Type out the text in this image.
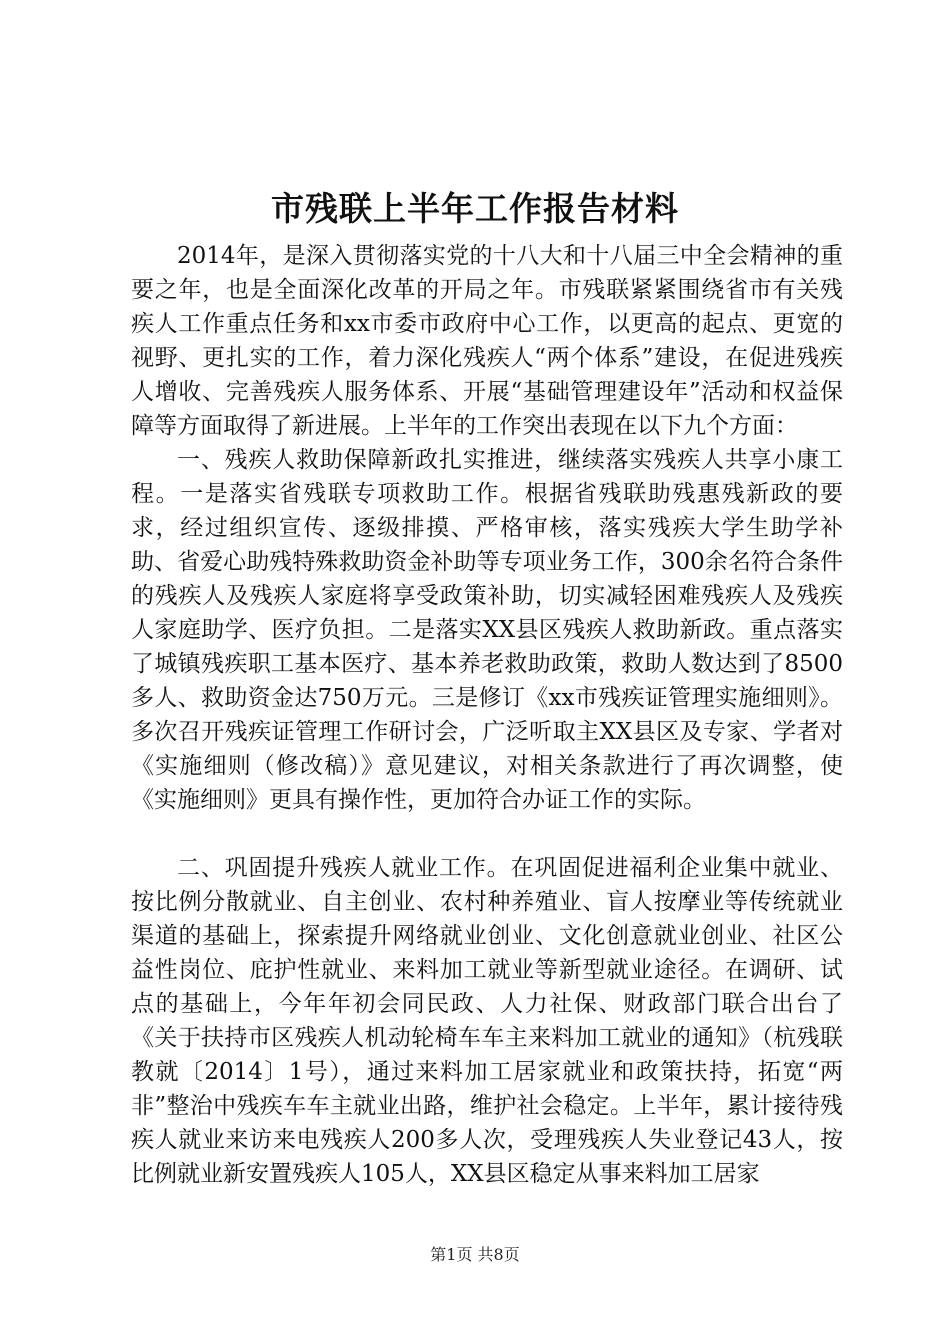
市残联上半年工作报告材料

2014年，是深入贯彻落实党的十八大和十八届三中全会精神的重要之年，也是全面深化改革的开局之年。市残联紧紧围绕省市有关残疾人工作重点任务和xx市委市政府中心工作，以更高的起点、更宽的视野、更扎实的工作，着力深化残疾人“两个体系”建设，在促进残疾人增收、完善残疾人服务体系、开展“基础管理建设年”活动和权益保障等方面取得了新进展。上半年的工作突出表现在以下九个方面：

一、残疾人救助保障新政扎实推进，继续落实残疾人共享小康工程。一是落实省残联专项救助工作。根据省残联助残惠残新政的要求，经过组织宣传、逐级排摸、严格审核，落实残疾大学生助学补助、省爱心助残特殊救助资金补助等专项业务工作，300余名符合条件的残疾人及残疾人家庭将享受政策补助，切实减轻困难残疾人及残疾人家庭助学、医疗负担。二是落实XX县区残疾人救助新政。重点落实了城镇残疾职工基本医疗、基本养老救助政策，救助人数达到了8500多人、救助资金达750万元。三是修订《xx市残疾证管理实施细则》。多次召开残疾证管理工作研讨会，广泛听取主XX县区及专家、学者对《实施细则（修改稿）》意见建议，对相关条款进行了再次调整，使《实施细则》更具有操作性，更加符合办证工作的实际。

二、巩固提升残疾人就业工作。在巩固促进福利企业集中就业、按比例分散就业、自主创业、农村种养殖业、盲人按摩业等传统就业渠道的基础上，探索提升网络就业创业、文化创意就业创业、社区公益性岗位、庇护性就业、来料加工就业等新型就业途径。在调研、试点的基础上，今年年初会同民政、人力社保、财政部门联合出台了《关于扶持市区残疾人机动轮椅车车主来料加工就业的通知》（杭残联教就〔2014〕1号），通过来料加工居家就业和政策扶持，拓宽“两非”整治中残疾车车主就业出路，维护社会稳定。上半年，累计接待残疾人就业来访来电残疾人200多人次，受理残疾人失业登记43人，按比例就业新安置残疾人105人，XX县区稳定从事来料加工居家

第1页 共8页
